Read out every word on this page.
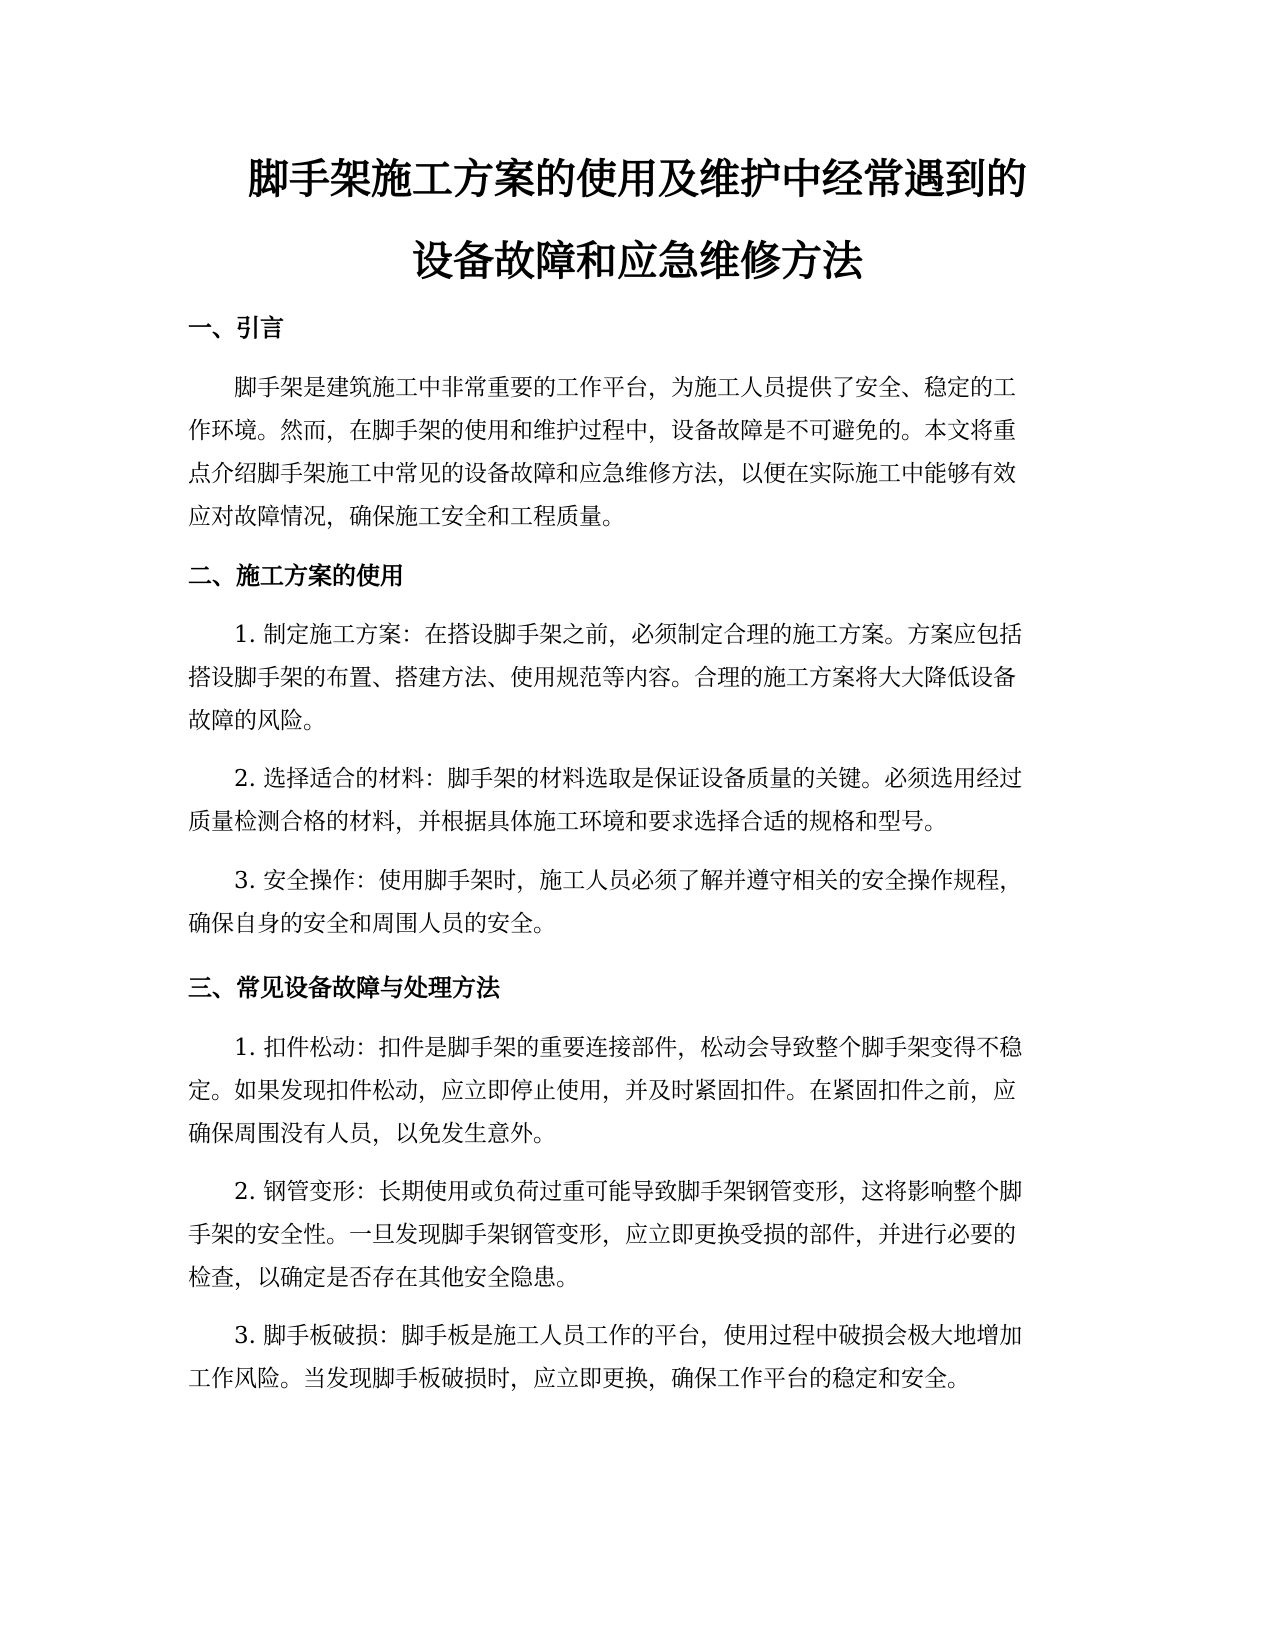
脚手架施工方案的使用及维护中经常遇到的
设备故障和应急维修方法
一、引言
脚手架是建筑施工中非常重要的工作平台，为施工人员提供了安全、稳定的工
作环境。然而，在脚手架的使用和维护过程中，设备故障是不可避免的。本文将重
点介绍脚手架施工中常见的设备故障和应急维修方法，以便在实际施工中能够有效
应对故障情况，确保施工安全和工程质量。
二、施工方案的使用
1. 制定施工方案：在搭设脚手架之前，必须制定合理的施工方案。方案应包括
搭设脚手架的布置、搭建方法、使用规范等内容。合理的施工方案将大大降低设备
故障的风险。
2. 选择适合的材料：脚手架的材料选取是保证设备质量的关键。必须选用经过
质量检测合格的材料，并根据具体施工环境和要求选择合适的规格和型号。
3. 安全操作：使用脚手架时，施工人员必须了解并遵守相关的安全操作规程，
确保自身的安全和周围人员的安全。
三、常见设备故障与处理方法
1. 扣件松动：扣件是脚手架的重要连接部件，松动会导致整个脚手架变得不稳
定。如果发现扣件松动，应立即停止使用，并及时紧固扣件。在紧固扣件之前，应
确保周围没有人员，以免发生意外。
2. 钢管变形：长期使用或负荷过重可能导致脚手架钢管变形，这将影响整个脚
手架的安全性。一旦发现脚手架钢管变形，应立即更换受损的部件，并进行必要的
检查，以确定是否存在其他安全隐患。
3. 脚手板破损：脚手板是施工人员工作的平台，使用过程中破损会极大地增加
工作风险。当发现脚手板破损时，应立即更换，确保工作平台的稳定和安全。
